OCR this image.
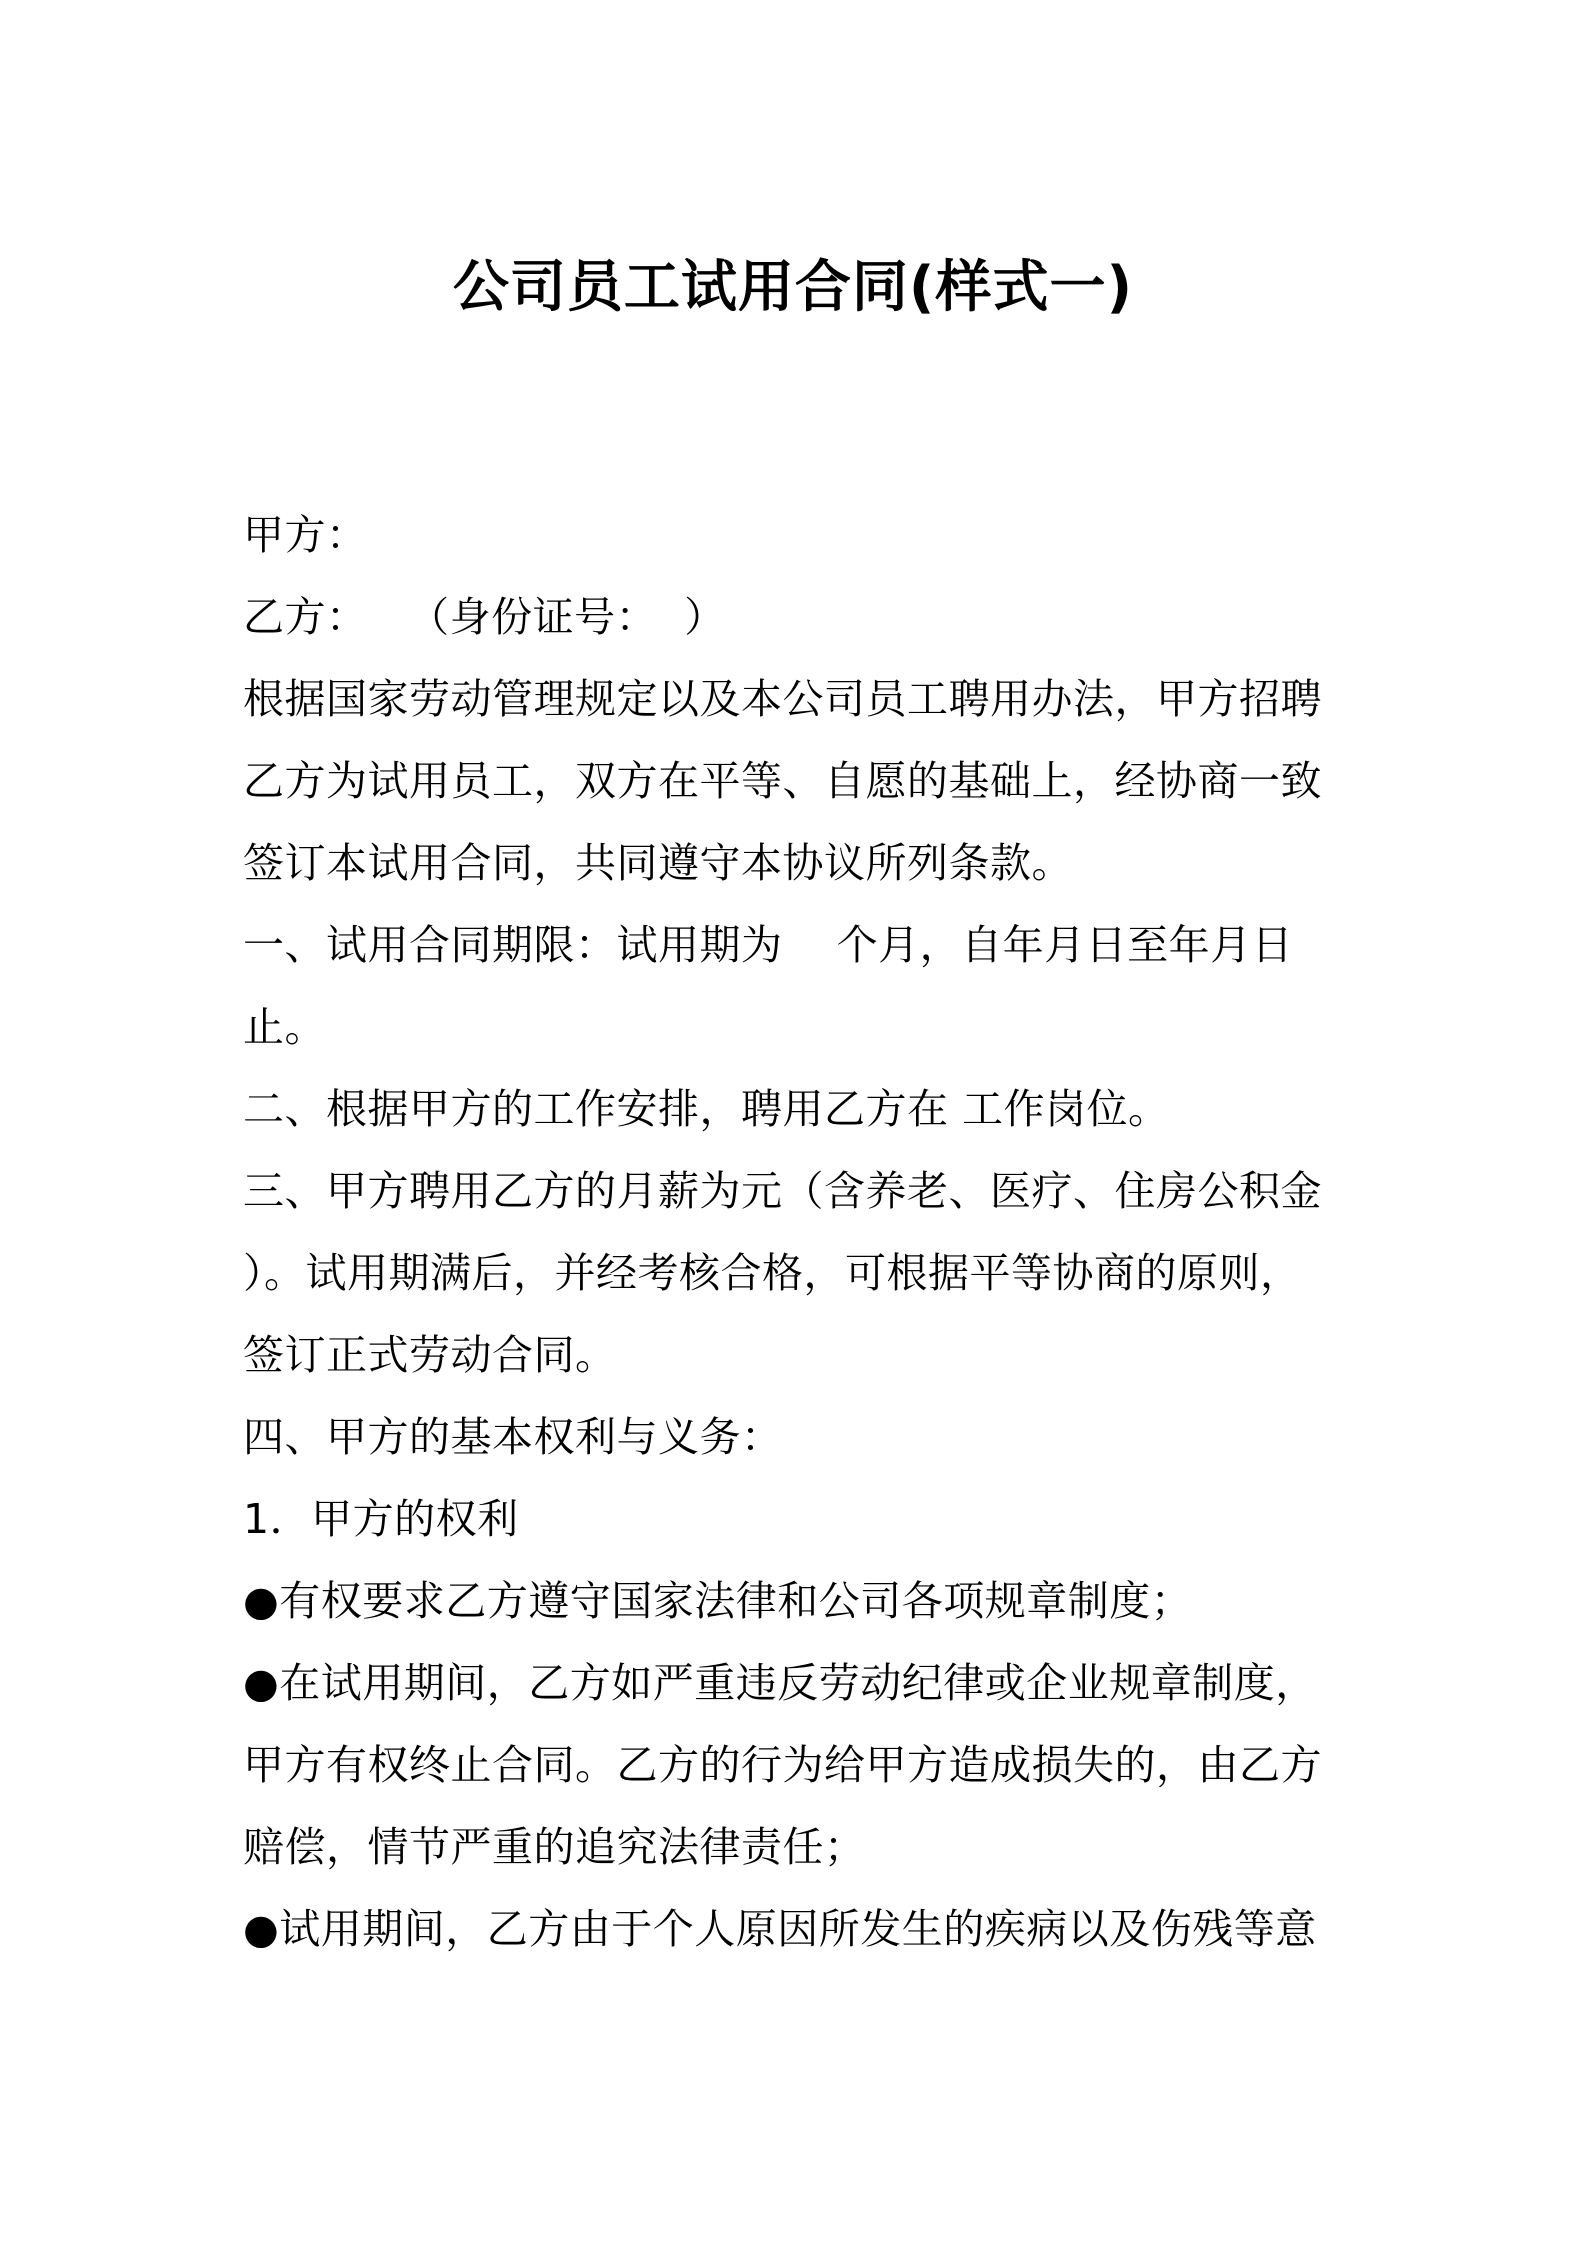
公司员工试用合同(样式一)
甲方：
乙方：   （身份证号：  ）
根据国家劳动管理规定以及本公司员工聘用办法，甲方招聘
乙方为试用员工，双方在平等、自愿的基础上，经协商一致
签订本试用合同，共同遵守本协议所列条款。
一、试用合同期限：试用期为    个月，自年月日至年月日
止。
二、根据甲方的工作安排，聘用乙方在 工作岗位。
三、甲方聘用乙方的月薪为元（含养老、医疗、住房公积金
）。试用期满后，并经考核合格，可根据平等协商的原则，
签订正式劳动合同。
四、甲方的基本权利与义务：
1．甲方的权利
●有权要求乙方遵守国家法律和公司各项规章制度；
●在试用期间，乙方如严重违反劳动纪律或企业规章制度，
甲方有权终止合同。乙方的行为给甲方造成损失的，由乙方
赔偿，情节严重的追究法律责任；
●试用期间，乙方由于个人原因所发生的疾病以及伤残等意
